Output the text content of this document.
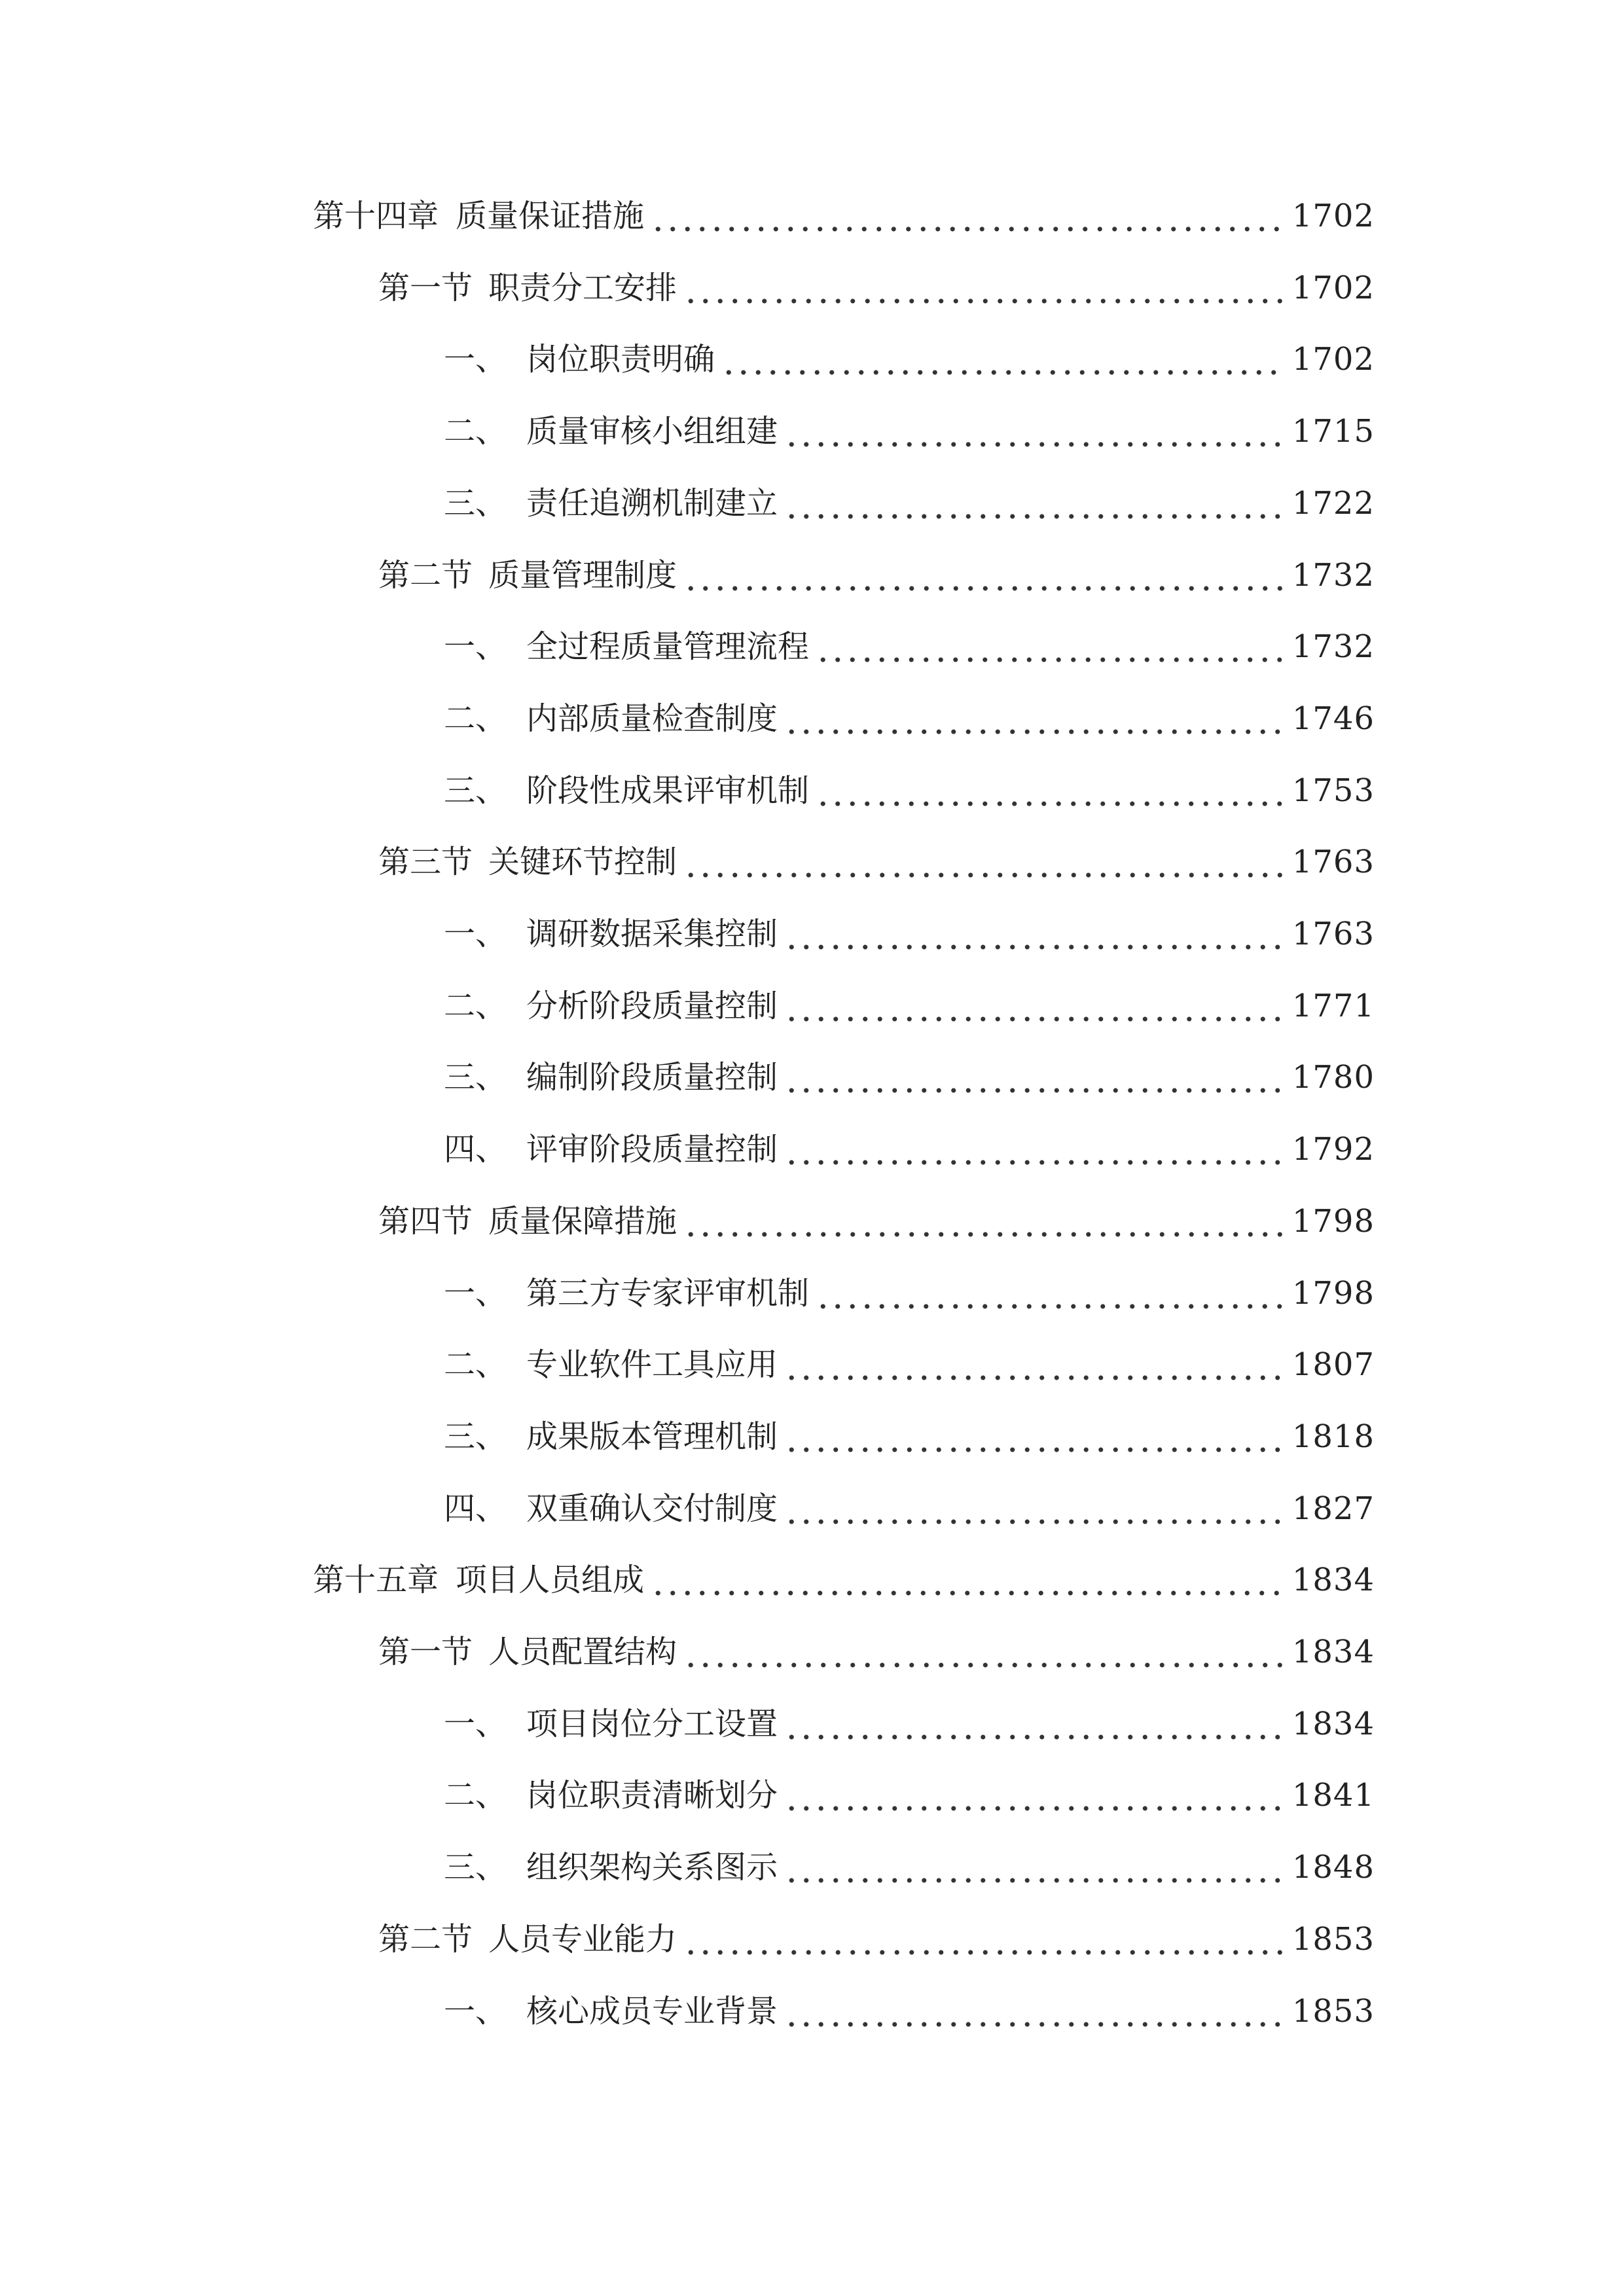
第十四章 质量保证措施	1702
第一节 职责分工安排	1702
一、 岗位职责明确	1702
二、 质量审核小组组建	1715
三、 责任追溯机制建立	1722
第二节 质量管理制度	1732
一、 全过程质量管理流程	1732
二、 内部质量检查制度	1746
三、 阶段性成果评审机制	1753
第三节 关键环节控制	1763
一、 调研数据采集控制	1763
二、 分析阶段质量控制	1771
三、 编制阶段质量控制	1780
四、 评审阶段质量控制	1792
第四节 质量保障措施	1798
一、 第三方专家评审机制	1798
二、 专业软件工具应用	1807
三、 成果版本管理机制	1818
四、 双重确认交付制度	1827
第十五章 项目人员组成	1834
第一节 人员配置结构	1834
一、 项目岗位分工设置	1834
二、 岗位职责清晰划分	1841
三、 组织架构关系图示	1848
第二节 人员专业能力	1853
一、 核心成员专业背景	1853
